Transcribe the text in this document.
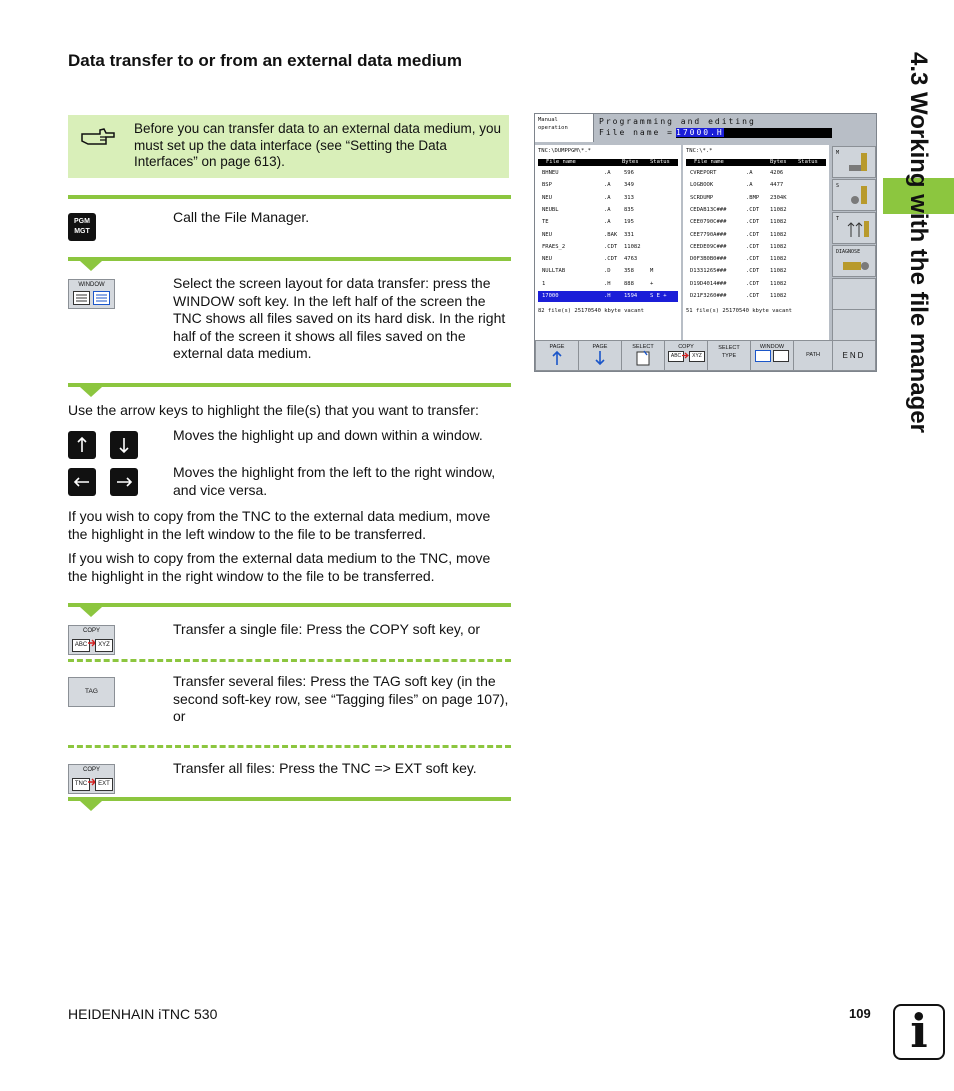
Data transfer to or from an external data medium
Before you can transfer data to an external data medium, you must set up the data interface (see “Setting the Data Interfaces” on page 613).
PGM
MGT
Call the File Manager.
WINDOW	Select the screen layout for data transfer: press the WINDOW soft key. In the left half of the screen the TNC shows all files saved on its hard disk. In the right half of the screen it shows all files saved on the external data medium.
Use the arrow keys to highlight the file(s) that you want to transfer:
Moves the highlight up and down within a window.
Moves the highlight from the left to the right window, and vice versa.
If you wish to copy from the TNC to the external data medium, move the highlight in the left window to the file to be transferred.
If you wish to copy from the external data medium to the TNC, move the highlight in the right window to the file to be transferred.
COPY
ABC	XYZ
Transfer a single file: Press the COPY soft key, or
TAG
Transfer several files: Press the TAG soft key (in the second soft-key row, see “Tagging files” on page 107), or
COPY
TNC	EXT
Transfer all files: Press the TNC => EXT soft key.
Manual
operation
Programming and editing
File name = 17000.H
TNC:\DUMPPGM\*.*
File name	Bytes Status
BHNEU	.A 596
BSP	.A 349
NEU	.A 313
NEUBL	.A 835
TE	.A 195
NEU	.BAK 331
FRAES_2	.CDT 11082
NEU	.CDT 4763
NULLTAB	.D 358	M
1	.H 888	+
17000	.H 1594 S E +
82 file(s) 25170540 kbyte vacant
TNC:\*.*
File name	Bytes Status
CVREPORT	.A	4206
LOGBOOK	.A	4477
SCRDUMP	.BMP 2304K
CEDAB13C###	.CDT 11082
CEE0790C###	.CDT 11082
CEE7790A###	.CDT 11082
CEEDE09C###	.CDT 11082
D0F3B0B0###	.CDT 11082
D1331265###	.CDT 11082
D19D4014###	.CDT 11082
D21F3260###	.CDT 11082
51 file(s) 25170540 kbyte vacant
M
S
T
DIAGNOSE
PAGE	PAGE	SELECT	COPY
ABC	XYZ
SELECT TYPE
WINDOW
PATH	END	4.3 Working with the file manager
HEIDENHAIN iTNC 530	109 i
